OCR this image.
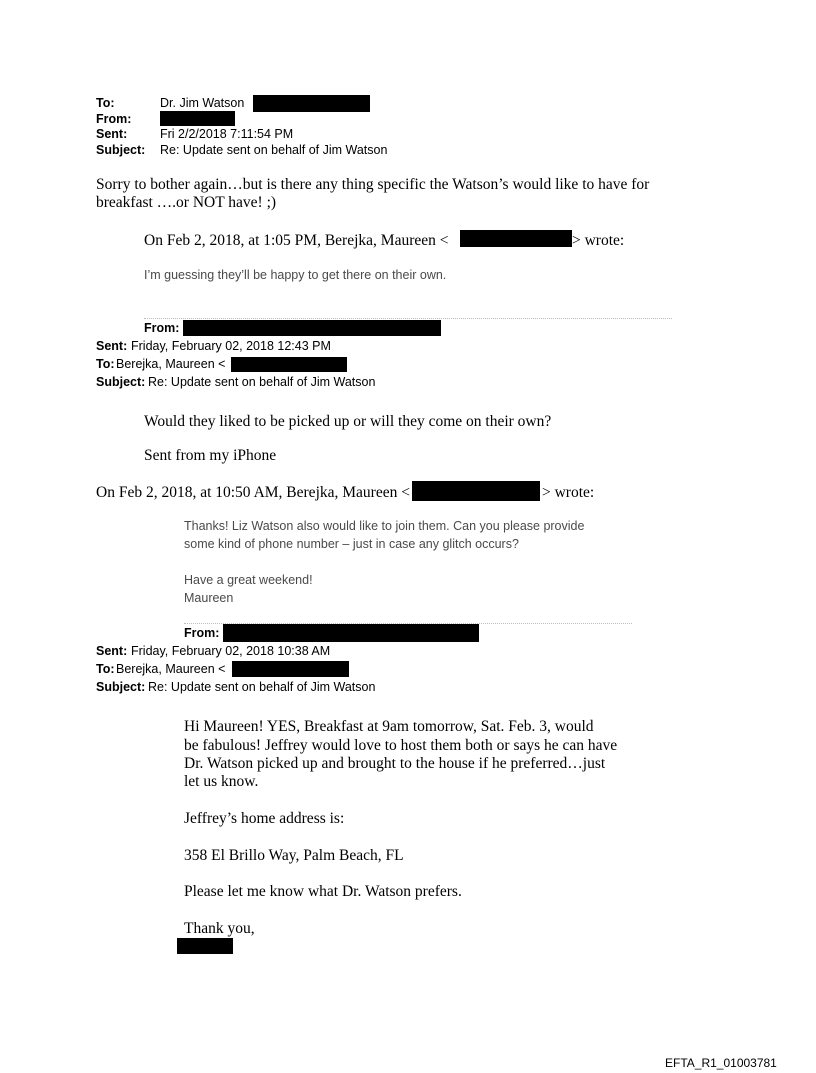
To:	Dr. Jim Watson
From:
Sent:	Fri 2/2/2018 7:11:54 PM
Subject: Re: Update sent on behalf of Jim Watson
Sorry to bother again…but is there any thing specific the Watson’s would like to have for
breakfast ….or NOT have! ;)
On Feb 2, 2018, at 1:05 PM, Berejka, Maureen <	> wrote:
I’m guessing they’ll be happy to get there on their own.
From:
Sent: Friday, February 02, 2018 12:43 PM
To: Berejka, Maureen <
Subject: Re: Update sent on behalf of Jim Watson
Would they liked to be picked up or will they come on their own?
Sent from my iPhone
On Feb 2, 2018, at 10:50 AM, Berejka, Maureen <	> wrote:
Thanks! Liz Watson also would like to join them. Can you please provide
some kind of phone number – just in case any glitch occurs?
Have a great weekend!
Maureen
From:
Sent: Friday, February 02, 2018 10:38 AM
To: Berejka, Maureen <
Subject: Re: Update sent on behalf of Jim Watson
Hi Maureen! YES, Breakfast at 9am tomorrow, Sat. Feb. 3, would
be fabulous! Jeffrey would love to host them both or says he can have
Dr. Watson picked up and brought to the house if he preferred…just
let us know.
Jeffrey’s home address is:
358 El Brillo Way, Palm Beach, FL
Please let me know what Dr. Watson prefers.
Thank you,
EFTA_R1_01003781
